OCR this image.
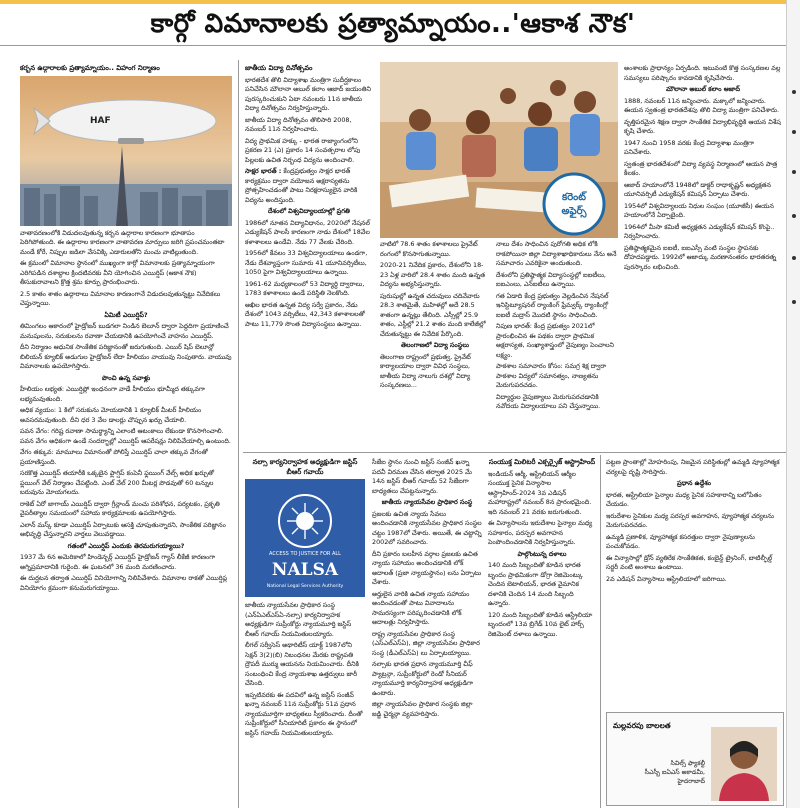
కార్గో విమానాలకు ప్రత్యామ్నాయం..'ఆకాశ నౌక'

కర్బన ఉద్గారాలకు ప్రత్యామ్నాయం.. విహంగ నిర్మాణం

HAF

వాతావరణంలోకి విడుదలవుతున్న కర్బన ఉద్గారాల కారణంగా భూతాపం పెరిగిపోతుంది. ఈ ఉద్గారాల కారణంగా వాతావరణ మార్పులు జరిగి ప్రపంచమంతటా మండే కోరే, నిప్పుల జడిలా వేసవిక్కి ఎడారులతోని మంచు వాటిల్లుతుంది.

ఈ క్రమంలో విమానాల స్థానంలో ముఖ్యంగా కార్గో విమానాలకు ప్రత్యామ్నాయంగా ఎరిగిపడిన దశాబ్దాల క్రిందటివరకు వీని యోగించిన ఎయిర్షిప్ (ఆకాశ నౌక) తీసుకురావాలని క్రొత్త శ్రమ కూర్పు ప్రారంభించారు.

2.5 కాతం శాతం ఉద్గారాలు విమానాల కారణంగానే విడుదలవుతున్నట్టు నివేదికలు చెప్తున్నాయి.

ఏమిటీ ఎయిర్షిప్?

తిమింగలం ఆకారంలో హైడ్రోజన్ బుడగలా నిండిన బెలూన్ ద్వారా పెద్దదిగా ప్రయాణించే మనుషులను, సరుకులను రవాణా చేయడానికి ఉపయోగించే వాహనం ఎయిర్షిప్.

దీని నిర్మాణం ఆధునిక సాంకేతిక పరిజ్ఞానంతో జరుగుతుంది. ఎయిర్ షిప్ బెలూన్లో బిలియన్ క్యూబిక్ అడుగుల హైడ్రోజన్ లేదా హీలియం వాయువు నింపుతారు. వాయువు విమానాలకు ఉపయోగిస్తారు.

పొంచి ఉన్న సవాళ్లు

హీలియం లభ్యత: ఎయిర్షిప్లో ఇంధనంగా వాడే హీలియం భూమ్మీద తక్కువగా లభ్యమవుతుంది.

అధిక వ్యయం: 1 కిలో సరుకును మోయడానికి 1 క్యూబిక్ మీటర్ హీలియం అవసరమవుతుంది. దీని ధర 3 వేల డాలర్లు చొప్పున ఖర్చు చేయాలి.

పవన వేగం: గరిష్ట రవాణా సామర్థ్యాన్ని ఎలాంటి ఆటంకాలు లేకుండా కొనసాగించాలి. పవన వేగం అధికంగా ఉండే సందర్భాల్లో ఎయిర్షిప్ ఆపరేషన్లు నిలిపివేయాల్సి ఉంటుంది.

వేగం తక్కువ: మామూలు విమానంతో పోలిస్తే ఎయిర్షిప్ చాలా తక్కువ వేగంతో ప్రయాణిస్తుంది.

సరకొత్త ఎయిర్షిప్ తయారీకి ఒక్కటైన ఫ్లాగ్షిప్ కంపెనీ ఫ్లయింగ్ వేల్స్ అధిక ఖర్చుతో ఫ్లయింగ్ వేల్ నిర్మాణం చేపట్టింది. ఎంట్ వేల్ 200 మీటర్ల పొడవుతో 60 టన్నుల బరువును మోయగలదు.

రాకెట్ ఏరో జాగాయ్ ఎయిర్షిప్ ద్వారా గ్రీన్లాండ్ మంచు పరిశోధన, పర్యటకం, ప్రకృతి వైపరీత్యాల సమయంలో సహాయ కార్యక్రమాలకు ఉపయోగిస్తారు.

ఎలాన్ మస్క్ కూడా ఎయిర్షిప్ ఏర్పాటుకు ఆసక్తి చూపుతున్నారని, సాంకేతిక పరిజ్ఞానం అభివృద్ధి చేస్తున్నారని వార్తలు వెలువడ్డాయి.

గతంలో ఎయిర్షిప్ ఎందుకు తెరమరుగయ్యాయి?

1937 మే 6న అమెరికాలో హిండెన్బర్గ్ ఎయిర్షిప్ హైడ్రోజన్ గ్యాస్ లీకేజీ కారణంగా అగ్నిప్రమాదానికి గురైంది. ఈ ఘటనలో 36 మంది మరణించారు.

ఈ దుర్ఘటన తర్వాత ఎయిర్షిప్ వినియోగాన్ని నిలిపివేశారు. విమానాల రాకతో ఎయిర్షిప్ల వినియోగం క్రమంగా కనుమరుగయ్యాయి.

జాతీయ విద్యా దినోత్సవం

భారతదేశ తొలి విద్యాశాఖ మంత్రిగా సుదీర్ఘకాలం పనిచేసిన మౌలానా అబుల్ కలాం ఆజాద్ జయంతిని పురస్కరించుకుని ఏటా నవంబరు 11న జాతీయ విద్యా దినోత్సవం నిర్వహిస్తున్నారు.

జాతీయ విద్యా దినోత్సవం తొలిసారి 2008, నవంబర్ 11న నిర్వహించారు.

విద్య ప్రాథమిక హక్కు - భారత రాజ్యాంగంలోని ప్రకరణ 21 (ఎ) ప్రకారం 14 సంవత్సరాల లోపు పిల్లలకు ఉచిత నిర్బంధ విద్యను అందించాలి.

సాక్షర భారత్ : కేంద్రప్రభుత్వం సాక్షర భారత్ కార్యక్రమం ద్వారా వయోజన అక్షరాస్యతను ప్రోత్సహించడంతో పాటు నిరక్షరాస్యులైన వారికి విద్యను అందిస్తుంది.

దేశంలో విశ్వవిద్యాలయాల్లో ప్రగతి

1986లో నూతన విద్యావిధానం, 2020లో నేషనల్ ఎడ్యుకేషన్ పాలసీ కారణంగా నాడు దేశంలో 18వేల కళాశాలలు ఉండేవి. నేడు 77 వేలకు చేరింది.

1956లో కేవలం 33 విశ్వవిద్యాలయాలు ఉండగా, నేడు దేశవ్యాప్తంగా సుమారు 41 యూనివర్సిటీలు, 1050 పైగా విశ్వవిద్యాలయాలు ఉన్నాయి.

1961-62 మధ్యకాలంలో 53 విద్యార్థి ద్వారాలు, 1783 కళాశాలలు ఉండే పరిస్థితి నెలకొంది.

అఖిల భారత ఉన్నత విద్య సర్వే ప్రకారం, నేడు దేశంలో 1043 వర్సిటీలు, 42,343 కళాశాలలతో పాటు 11,779 సొంత విద్యాసంస్థలు ఉన్నాయి.

కరెంట్
అఫైర్స్

వాటిలో 78.6 శాతం కళాశాలలు ప్రైవేట్ రంగంలో కొనసాగుతున్నాయి.

2020-21 నివేదిక ప్రకారం, దేశంలోని 18-23 ఏళ్ల వారిలో 28.4 శాతం మంది ఉన్నత విద్యను అభ్యసిస్తున్నారు.

పురుషుల్లో ఉన్నత చదువులు చదివేవారు 28.3 శాతమైతే, మహిళల్లో అదే 28.5 శాతంగా ఉన్నట్లు తేలింది. ఎస్సీల్లో 25.9 శాతం, ఎస్టీల్లో 21.2 శాతం మంది కాలేజీల్లో చేరుతున్నట్టు ఈ నివేదిక పేర్కొంది.

తెలంగాణలో విద్యా సంస్థలు

తెలంగాణ రాష్ట్రంలో ప్రభుత్వ, ప్రైవేట్ కార్యాలయాల ద్వారా వివిధ సంస్థలు, జాతీయ విద్యా నాలుగు దశల్లో విద్యా సంస్కరణలు...

నాలు దేశం సాధించిన పురోగతి అధిక లోకి రాకపోయినా జిల్లా విద్యాశాఖాధికారులు నేను అనే సమాచారం ఎవరికైనా అందుతుంది.

దేశంలోని ప్రతిష్ఠాత్మక విద్యాసంస్థల్లో ఐఐటీలు, ఐఐఎంలు, ఎన్ఐటీలు ఉన్నాయి.

గత ఏడాది కేంద్ర ప్రభుత్వం వెల్లడించిన నేషనల్ ఇనిస్టిట్యూషనల్ ర్యాంకింగ్ ఫ్రేమ్వర్క్ ర్యాంకింగ్లో ఐఐటీ మద్రాస్ మొదటి స్థానం సాధించింది.

నిపుణ భారత్: కేంద్ర ప్రభుత్వం 2021లో ప్రారంభించిన ఈ పథకం ద్వారా ప్రాథమిక అక్షరాస్యత, సంఖ్యాశాస్త్రంలో నైపుణ్యం పెంచాలని లక్ష్యం.

పాఠశాల సమాచారం కోసం: సమగ్ర శిక్ష ద్వారా పాఠశాల విద్యలో సమానత్వం, నాణ్యతను మెరుగుపరచడం.

విద్యార్థుల నైపుణ్యాలు మెరుగుపరచడానికి నవోదయ విద్యాలయాలు పని చేస్తున్నాయి.

అంశాలకు ప్రాధాన్యం ఏర్పడింది. ఇటువంటి కొత్త సంస్కరణల వల్ల సమస్యలు పరిష్కారం కావడానికి కృషిచేసారు.

మౌలానా అబుల్ కలాం ఆజాద్

1888, నవంబర్ 11న జన్మించారు. మక్కాలో జన్మించారు. ఈయన స్వతంత్ర భారతదేశపు తొలి విద్యా మంత్రిగా పనిచేశారు.

వృత్తిపరమైన శిక్షణ ద్వారా సాంకేతిక విద్యాభివృద్ధికి ఆయన విశేష కృషి చేశారు.

1947 నుంచి 1958 వరకు కేంద్ర విద్యాశాఖ మంత్రిగా పనిచేశారు.

స్వతంత్ర భారతదేశంలో విద్యా వ్యవస్థ నిర్మాణంలో ఆయన పాత్ర కీలకం.

ఆజాద్ హయాంలోనే 1948లో డాక్టర్ రాధాకృష్ణన్ అధ్యక్షతన యూనివర్సిటీ ఎడ్యుకేషన్ కమిషన్ ఏర్పాటు చేశారు.

1954లో విశ్వవిద్యాలయ నిధుల సంఘం (యూజీసీ) ఈయన హయాంలోనే ఏర్పాటైంది.

1964లో మీసా కమిటీ అధ్యక్షతన ఎడ్యుకేషన్ కమిషన్ కొంపై.. నిర్వహించారు.

ప్రతిష్ఠాత్మకమైన ఐఐటీ, ఐఐఎస్సీ వంటి సంస్థల స్థాపనకు దోహదపడ్డారు. 1992లో ఆజాద్కు మరణానంతరం భారతరత్న పురస్కారం లభించింది.

నల్సా కార్యనిర్వాహక అధ్యక్షుడిగా జస్టిస్ బీఆర్ గవాయ్

ACCESS TO JUSTICE FOR ALL
NALSA
National Legal Services Authority

జాతీయ న్యాయసేవల ప్రాధికార సంస్థ (ఎన్ఏఎల్ఎస్ఏ-నల్సా) కార్యనిర్వాహక అధ్యక్షుడిగా సుప్రీంకోర్టు న్యాయమూర్తి జస్టిస్ బీఆర్ గవాయ్ నియమితులయ్యారు.

లీగల్ సర్వీసెస్ అథారిటీస్ యాక్ట్ 1987లోని సెక్షన్ 3(2)(బి) నిబంధనల మేరకు రాష్ట్రపతి ద్రౌపదీ ముర్ము ఆయనను నియమించారు. దీనికి సంబంధించి కేంద్ర న్యాయశాఖ ఉత్తర్వులు జారీ చేసింది.

ఇప్పటివరకు ఈ పదవిలో ఉన్న జస్టిస్ సంజీవ్ ఖన్నా నవంబర్ 11న సుప్రీంకోర్టు 51వ ప్రధాన న్యాయమూర్తిగా బాధ్యతలు స్వీకరించారు. దీంతో సుప్రీంకోర్టులో సీనియారిటీ ప్రకారం ఈ స్థానంలో జస్టిస్ గవాయ్ నియమితులయ్యారు.

సీజేఐ స్థానం నుంచి జస్టిస్ సంజీవ్ ఖన్నా పదవీ విరమణ చేసిన తర్వాత 2025 మే 14న జస్టిస్ బీఆర్ గవాయ్ 52 సీజేఐగా బాధ్యతలు చేపట్టనున్నారు.

జాతీయ న్యాయసేవల ప్రాధికార సంస్థ

ప్రజలకు ఉచిత న్యాయ సేవలు అందించడానికి న్యాయసేవల ప్రాధికార సంస్థల చట్టం 1987లో చేశారు. అయితే, ఈ చట్టాన్ని 2002లో సవరించారు.

దీని ప్రకారం బలహీన వర్గాల ప్రజలకు ఉచిత న్యాయ సహాయం అందించడానికి లోక్ అదాలత్ (ప్రజా న్యాయస్థానం) లను ఏర్పాటు చేశారు.

అర్హులైన వారికి ఉచిత న్యాయ సహాయం అందించడంతో పాటు వివాదాలను సామరస్యంగా పరిష్కరించడానికి లోక్ అదాలత్లు నిర్వహిస్తారు.

రాష్ట్ర న్యాయసేవల ప్రాధికార సంస్థ (ఎస్ఎల్ఎస్ఏ), జిల్లా న్యాయసేవల ప్రాధికార సంస్థ (డీఎల్ఎస్ఏ) లు ఏర్పాటయ్యాయి.

నల్సాకు భారత ప్రధాన న్యాయమూర్తి చీఫ్ ప్యాట్రన్గా, సుప్రీంకోర్టులో రెండో సీనియర్ న్యాయమూర్తి కార్యనిర్వాహక అధ్యక్షుడిగా ఉంటారు.

జిల్లా న్యాయసేవల ప్రాధికార సంస్థకు జిల్లా జడ్జి చైర్మన్గా వ్యవహరిస్తారు.

సంయుక్త మిలిటరీ ఎక్సర్సైజ్ ఆస్ట్రాహింద్

ఇండియన్ ఆర్మీ, ఆస్ట్రేలియన్ ఆర్మీల సంయుక్త సైనిక విన్యాసాల ఆస్ట్రాహింద్-2024 3వ ఎడిషన్ మహారాష్ట్రలో నవంబర్ 8న ప్రారంభమైంది. ఇది నవంబర్ 21 వరకు జరుగుతుంది.

ఈ విన్యాసాలను ఇరుదేశాల సైన్యాల మధ్య సహకారం, పరస్పర అవగాహన పెంపొందించడానికి నిర్వహిస్తున్నారు.

పాల్గొంటున్న దళాలు

140 మంది సిబ్బందితో కూడిన భారత బృందం ప్రాథమికంగా డోగ్రా రెజిమెంట్కు చెందిన బెటాలియన్, భారత వైమానిక దళానికి చెందిన 14 మంది సిబ్బంది ఉన్నారు.

120 మంది సిబ్బందితో కూడిన ఆస్ట్రేలియా బృందంలో 13వ బ్రిగేడ్ 10వ లైట్ హార్స్ రెజిమెంట్ దళాలు ఉన్నాయి.

పట్టణ ప్రాంతాల్లో మోహరింపు, నిజమైన పరిస్థితుల్లో ఉమ్మడి వ్యూహాత్మక చర్యలపై దృష్టి సారిస్తారు.

ప్రధాన ఉద్దేశం

భారత, ఆస్ట్రేలియా సైన్యాల మధ్య సైనిక సహకారాన్ని బలోపేతం చేయడం.

ఇరుదేశాల సైనికుల మధ్య పరస్పర అవగాహన, వ్యూహాత్మక చర్యలను మెరుగుపరచడం.

ఉమ్మడి ప్రణాళిక, వ్యూహాత్మక కసరత్తుల ద్వారా నైపుణ్యాలను పంచుకోవడం.

ఈ విన్యాసాల్లో డ్రోన్ వ్యతిరేక సాంకేతికత, కంబైన్డ్ ట్రైనింగ్, బాటిల్ఫీల్డ్ సర్జరీ వంటి అంశాలు ఉంటాయి.

2వ ఎడిషన్ విన్యాసాలు ఆస్ట్రేలియాలో జరిగాయి.

మల్లవరపు బాలలత
సివిల్స్ ఫ్యాకల్టీ
సీఎస్బీ ఐఏఎస్ అకాడమీ,
హైదరాబాద్
